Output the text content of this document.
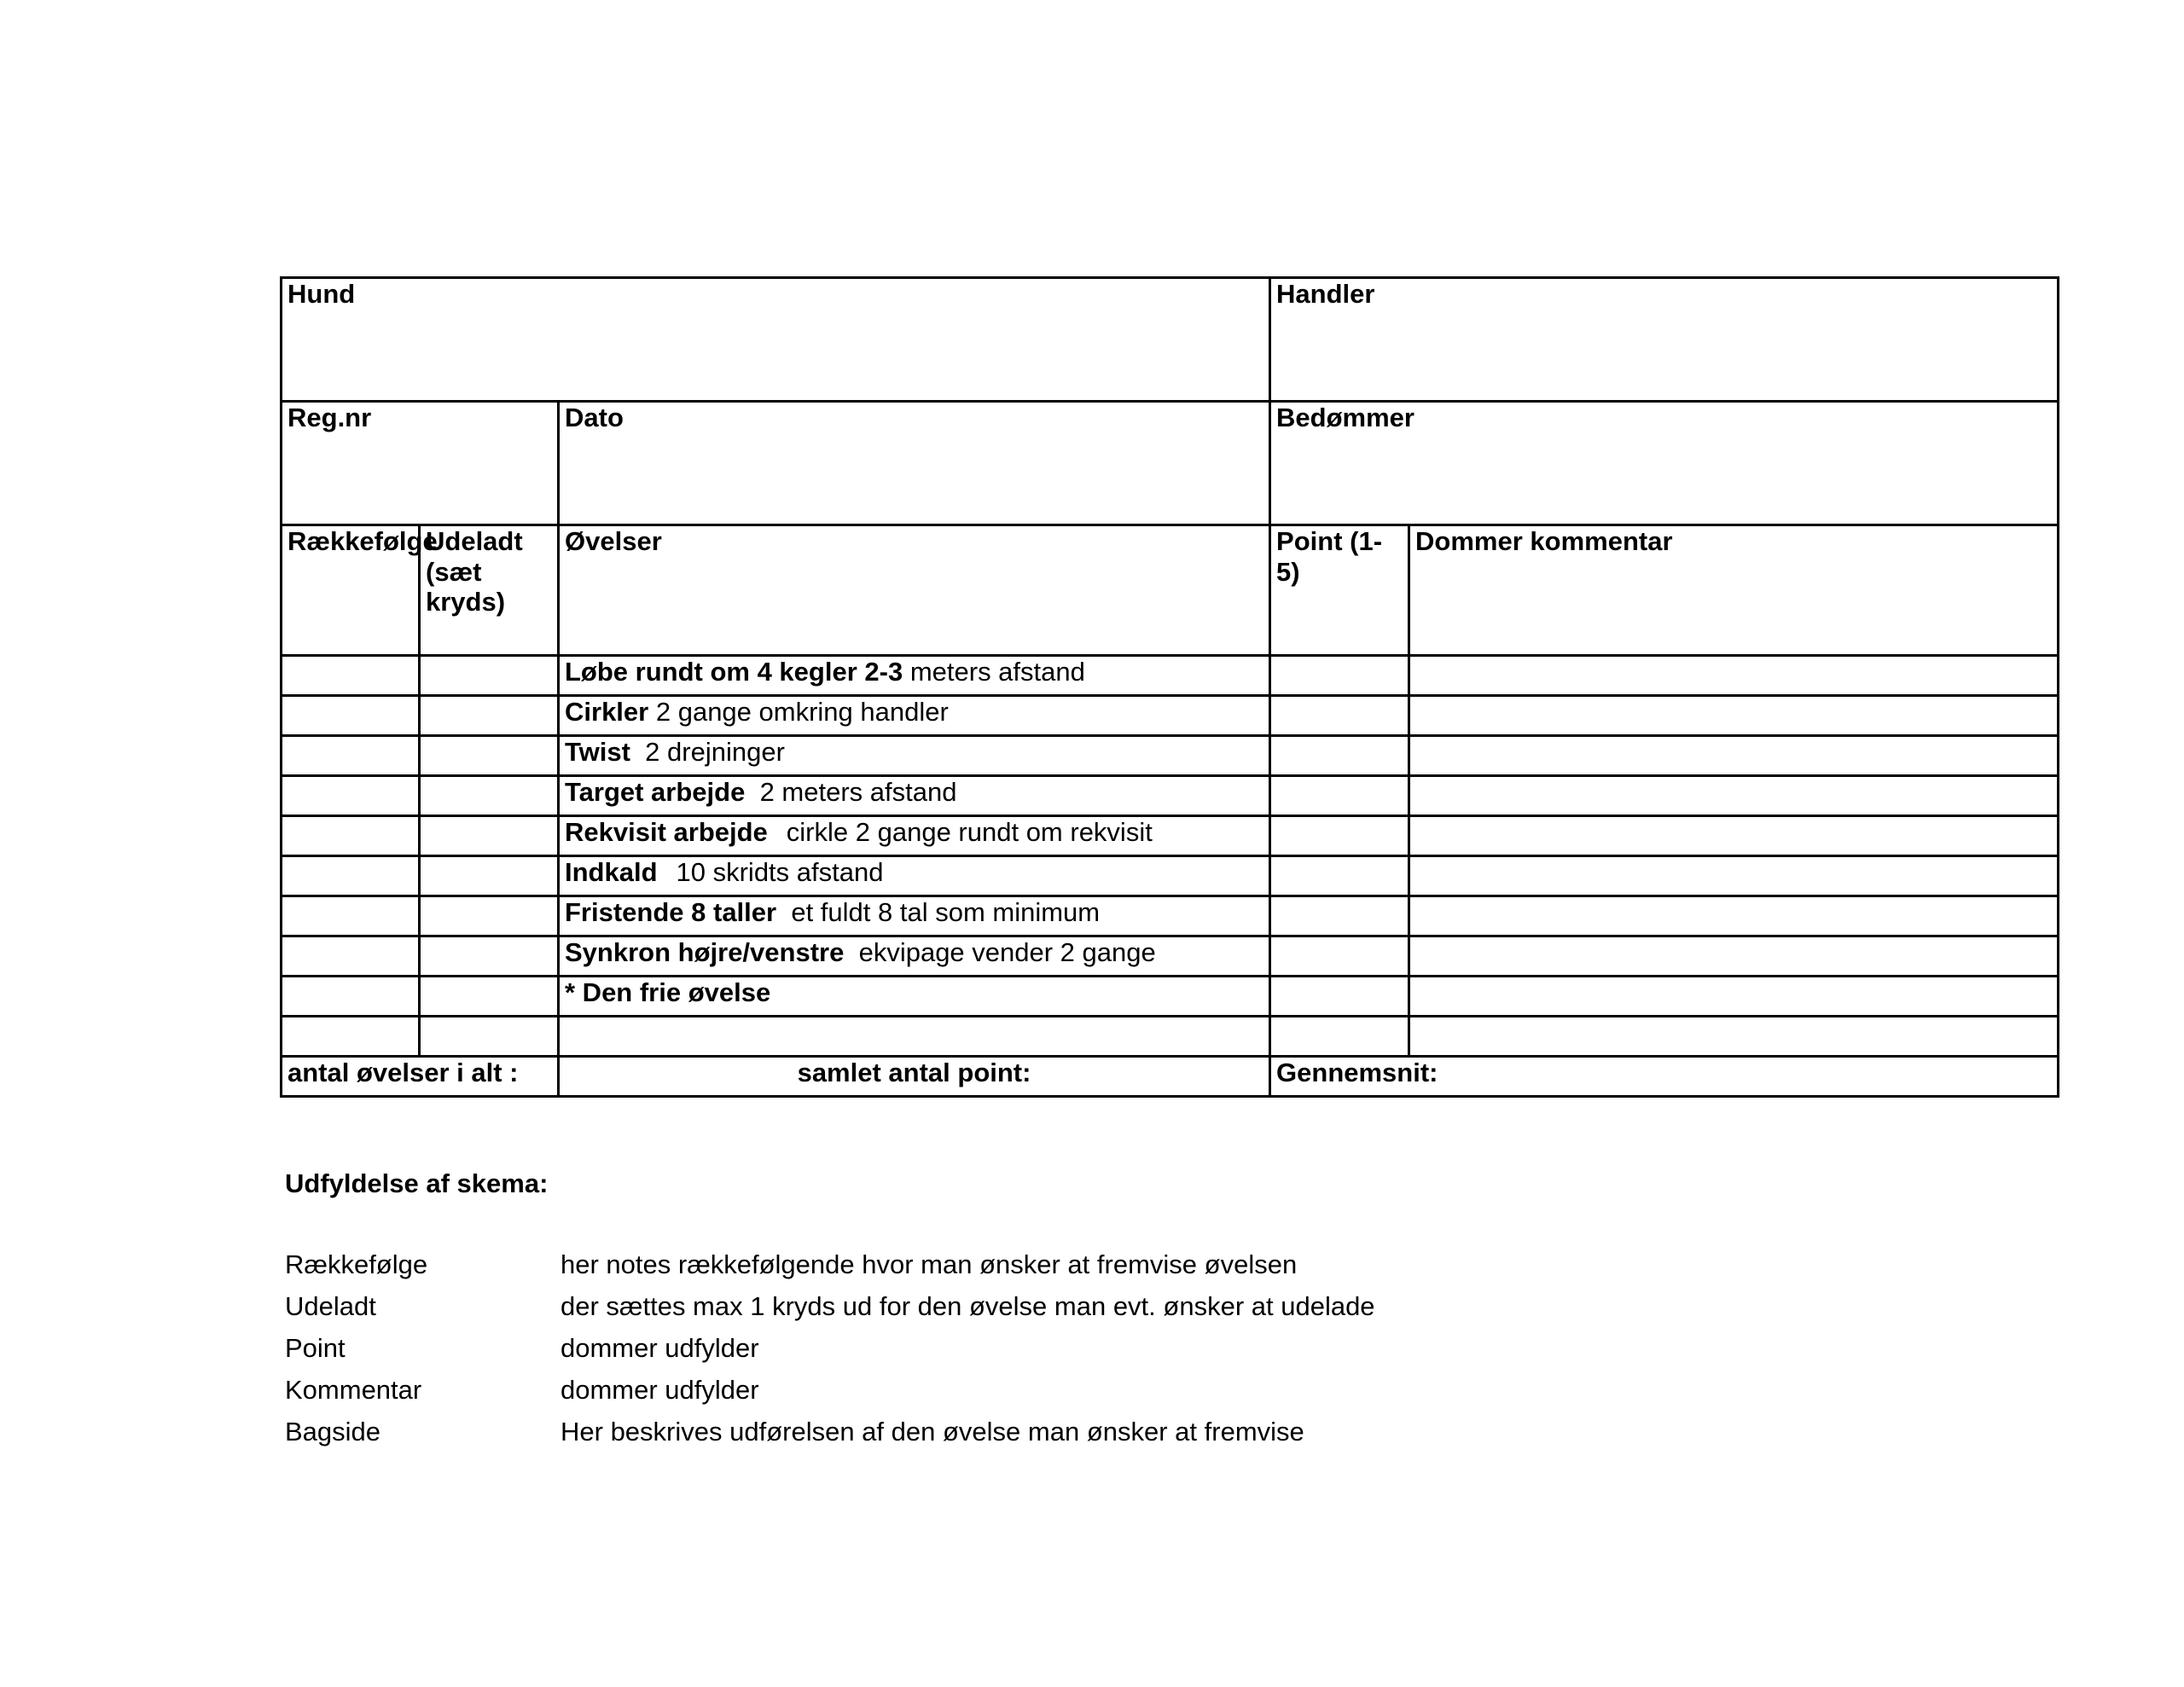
Hund			Handler	
Reg.nr		Dato	Bedømmer	
Rækkefølge	Udeladt (sæt kryds)	Øvelser	Point (1-5)	Dommer kommentar
		Løbe rundt om 4 kegler 2-3 meters afstand		
		Cirkler 2 gange omkring handler		
		Twist 2 drejninger		
		Target arbejde 2 meters afstand		
		Rekvisit arbejde cirkle 2 gange rundt om rekvisit		
		Indkald 10 skridts afstand		
		Fristende 8 taller et fuldt 8 tal som minimum		
		Synkron højre/venstre ekvipage vender 2 gange		
		* Den frie øvelse		

antal øvelser i alt :		samlet antal point:	Gennemsnit:	
Udfyldelse af skema:
Rækkefølge	her notes rækkefølgende hvor man ønsker at fremvise øvelsen
Udeladt	der sættes max 1 kryds ud for den øvelse man evt. ønsker at udelade
Point	dommer udfylder
Kommentar	dommer udfylder
Bagside	Her beskrives udførelsen af den øvelse man ønsker at fremvise
